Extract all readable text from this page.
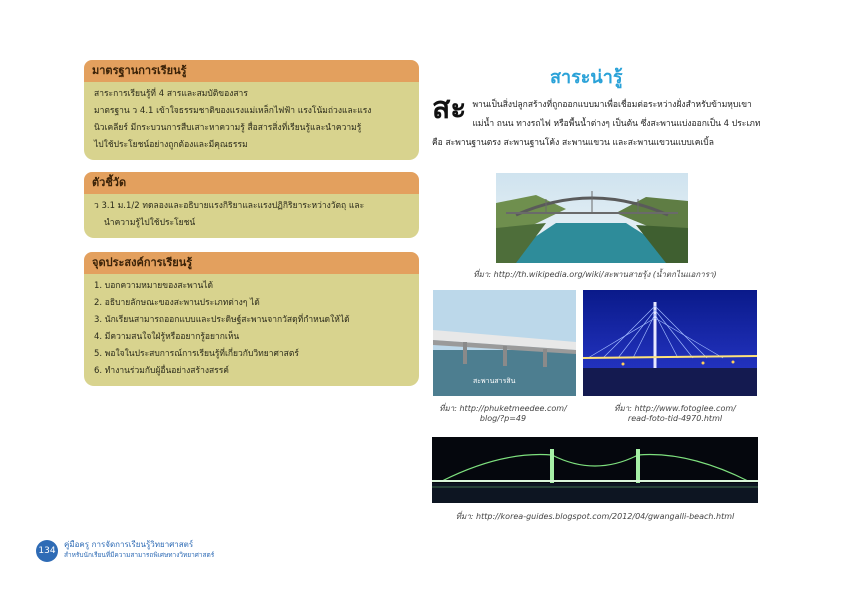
มาตรฐานการเรียนรู้
สาระการเรียนรู้ที่ 4 สารและสมบัติของสาร
มาตรฐาน ว 4.1 เข้าใจธรรมชาติของแรงแม่เหล็กไฟฟ้า แรงโน้มถ่วงและแรง
นิวเคลียร์ มีกระบวนการสืบเสาะหาความรู้ สื่อสารสิ่งที่เรียนรู้และนำความรู้
ไปใช้ประโยชน์อย่างถูกต้องและมีคุณธรรม
ตัวชี้วัด
ว 3.1 ม.1/2 ทดลองและอธิบายแรงกิริยาและแรงปฏิกิริยาระหว่างวัตถุ และ
นำความรู้ไปใช้ประโยชน์
จุดประสงค์การเรียนรู้
1. บอกความหมายของสะพานได้
2. อธิบายลักษณะของสะพานประเภทต่างๆ ได้
3. นักเรียนสามารถออกแบบและประดิษฐ์สะพานจากวัสดุที่กำหนดให้ได้
4. มีความสนใจใฝ่รู้หรืออยากรู้อยากเห็น
5. พอใจในประสบการณ์การเรียนรู้ที่เกี่ยวกับวิทยาศาสตร์
6. ทำงานร่วมกับผู้อื่นอย่างสร้างสรรค์
สาระน่ารู้
สะ พานเป็นสิ่งปลูกสร้างที่ถูกออกแบบมาเพื่อเชื่อมต่อระหว่างฝั่งสำหรับข้ามหุบเขา แม่น้ำ ถนน ทางรถไฟ หรือพื้นน้ำต่างๆ เป็นต้น ซึ่งสะพานแบ่งออกเป็น 4 ประเภทคือ สะพานฐานตรง สะพานฐานโค้ง สะพานแขวน และสะพานแขวนแบบเคเบิ้ล
ที่มา: http://th.wikipedia.org/wiki/สะพานสายรุ้ง (น้ำตกไนแอการา)
สะพานสารสิน
ที่มา: http://phuketmeedee.com/
blog/?p=49
ที่มา: http://www.fotoglee.com/
read-foto-tid-4970.html
ที่มา: http://korea-guides.blogspot.com/2012/04/gwangalli-beach.html
134
คู่มือครู การจัดการเรียนรู้วิทยาศาสตร์
สำหรับนักเรียนที่มีความสามารถพิเศษทางวิทยาศาสตร์
